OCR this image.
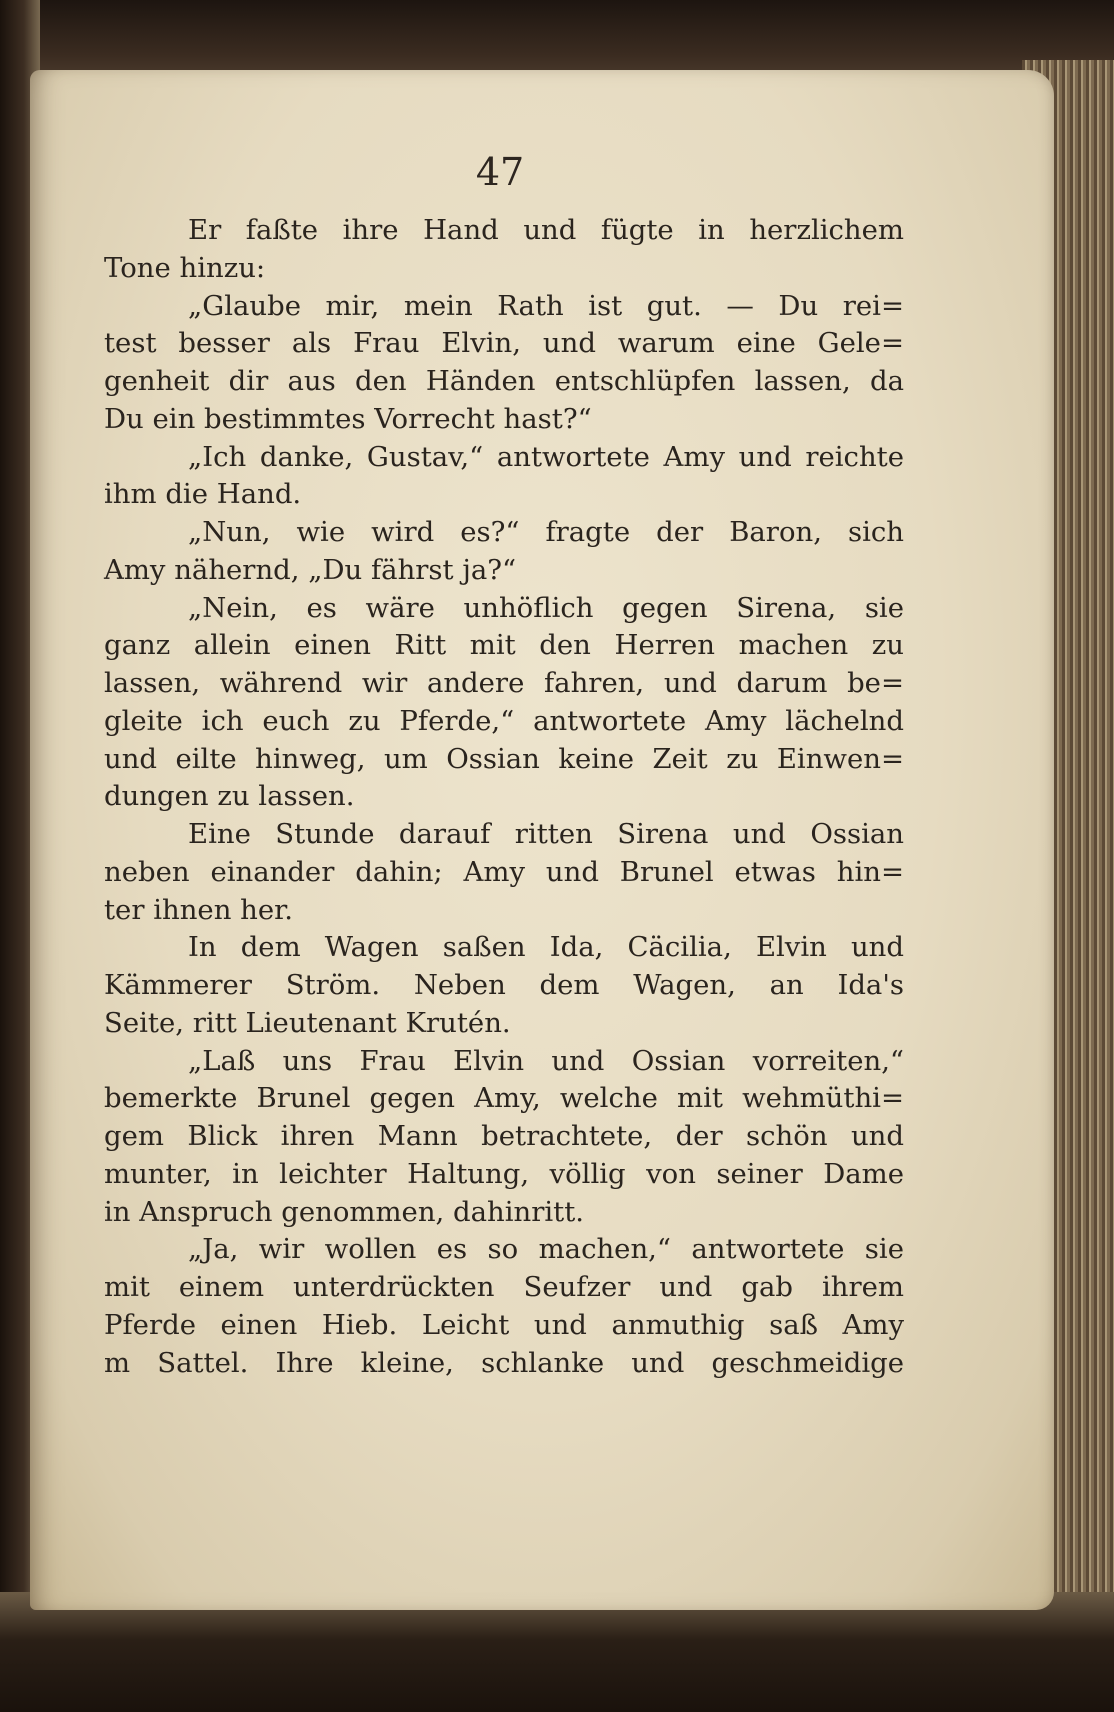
47
Er faßte ihre Hand und fügte in herzlichem
Tone hinzu:
„Glaube mir, mein Rath ist gut. — Du rei=
test besser als Frau Elvin, und warum eine Gele=
genheit dir aus den Händen entschlüpfen lassen, da
Du ein bestimmtes Vorrecht hast?“
„Ich danke, Gustav,“ antwortete Amy und reichte
ihm die Hand.
„Nun, wie wird es?“ fragte der Baron, sich
Amy nähernd, „Du fährst ja?“
„Nein, es wäre unhöflich gegen Sirena, sie
ganz allein einen Ritt mit den Herren machen zu
lassen, während wir andere fahren, und darum be=
gleite ich euch zu Pferde,“ antwortete Amy lächelnd
und eilte hinweg, um Ossian keine Zeit zu Einwen=
dungen zu lassen.
Eine Stunde darauf ritten Sirena und Ossian
neben einander dahin; Amy und Brunel etwas hin=
ter ihnen her.
In dem Wagen saßen Ida, Cäcilia, Elvin und
Kämmerer Ström. Neben dem Wagen, an Ida's
Seite, ritt Lieutenant Krutén.
„Laß uns Frau Elvin und Ossian vorreiten,“
bemerkte Brunel gegen Amy, welche mit wehmüthi=
gem Blick ihren Mann betrachtete, der schön und
munter, in leichter Haltung, völlig von seiner Dame
in Anspruch genommen, dahinritt.
„Ja, wir wollen es so machen,“ antwortete sie
mit einem unterdrückten Seufzer und gab ihrem
Pferde einen Hieb. Leicht und anmuthig saß Amy
m Sattel. Ihre kleine, schlanke und geschmeidige
